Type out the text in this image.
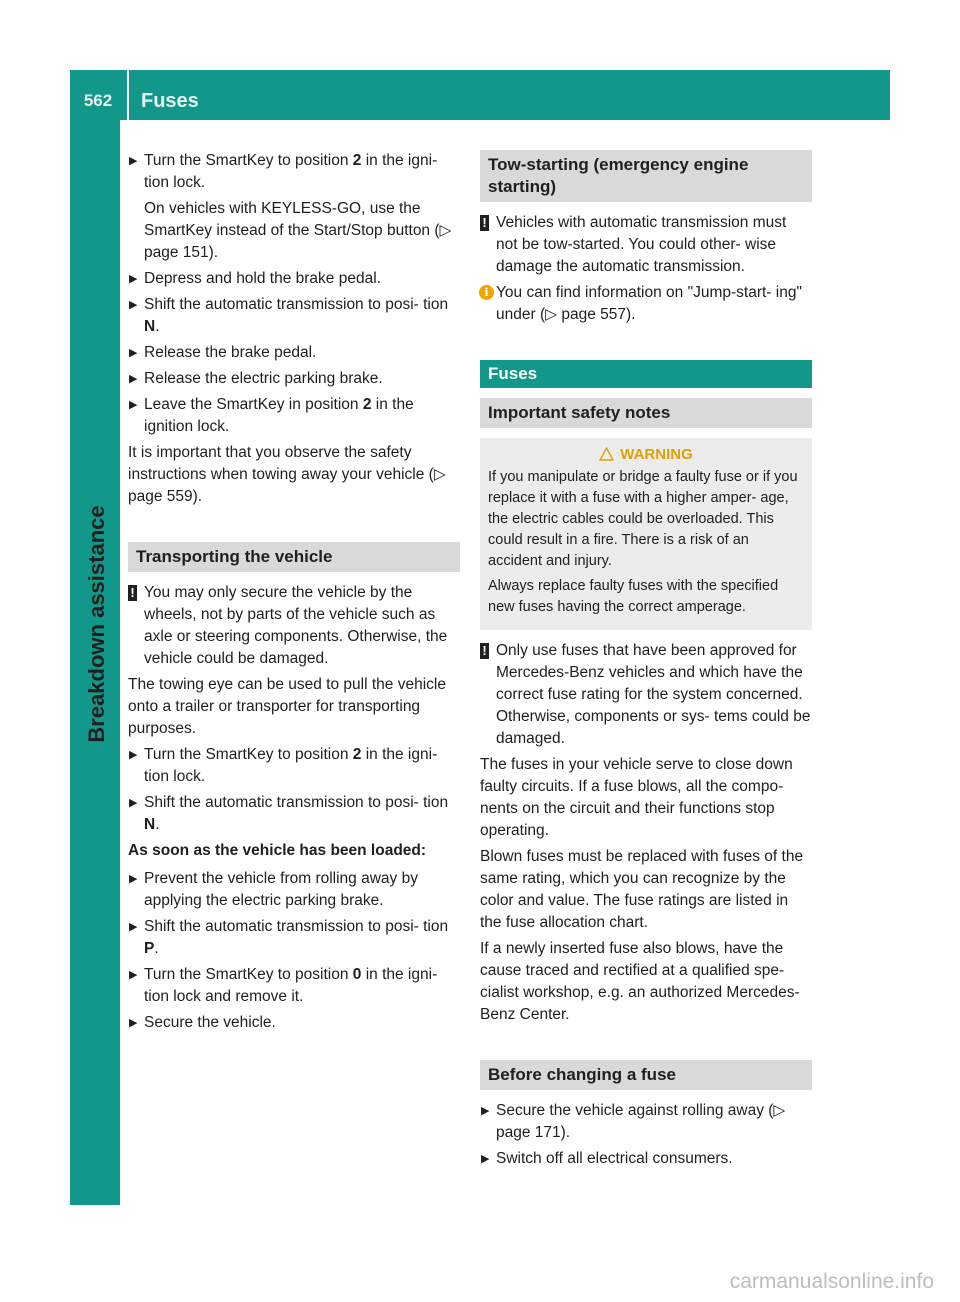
562	Fuses
Breakdown assistance
▶ Turn the SmartKey to position 2 in the igni- tion lock.

On vehicles with KEYLESS-GO, use the SmartKey instead of the Start/Stop button (▷ page 151).

▶ Depress and hold the brake pedal.
▶ Shift the automatic transmission to posi- tion N.
▶ Release the brake pedal.
▶ Release the electric parking brake.
▶ Leave the SmartKey in position 2 in the ignition lock.

It is important that you observe the safety instructions when towing away your vehicle (▷ page 559).

Transporting the vehicle
! You may only secure the vehicle by the wheels, not by parts of the vehicle such as axle or steering components. Otherwise, the vehicle could be damaged.

The towing eye can be used to pull the vehicle onto a trailer or transporter for transporting purposes.

▶ Turn the SmartKey to position 2 in the igni- tion lock.
▶ Shift the automatic transmission to posi- tion N.
As soon as the vehicle has been loaded:
▶ Prevent the vehicle from rolling away by applying the electric parking brake.
▶ Shift the automatic transmission to posi- tion P.
▶ Turn the SmartKey to position 0 in the igni- tion lock and remove it.
▶ Secure the vehicle.
Tow-starting (emergency engine starting)
! Vehicles with automatic transmission must not be tow-started. You could other- wise damage the automatic transmission.
i You can find information on "Jump-start- ing" under (▷ page 557).
Fuses
Important safety notes
WARNING

If you manipulate or bridge a faulty fuse or if you replace it with a fuse with a higher amper- age, the electric cables could be overloaded. This could result in a fire. There is a risk of an accident and injury.

Always replace faulty fuses with the specified new fuses having the correct amperage.

! Only use fuses that have been approved for Mercedes-Benz vehicles and which have the correct fuse rating for the system concerned. Otherwise, components or sys- tems could be damaged.

The fuses in your vehicle serve to close down faulty circuits. If a fuse blows, all the compo- nents on the circuit and their functions stop operating.

Blown fuses must be replaced with fuses of the same rating, which you can recognize by the color and value. The fuse ratings are listed in the fuse allocation chart.

If a newly inserted fuse also blows, have the cause traced and rectified at a qualified spe- cialist workshop, e.g. an authorized Mercedes-Benz Center.

Before changing a fuse
▶ Secure the vehicle against rolling away (▷ page 171).
▶ Switch off all electrical consumers.
carmanualsonline.info
